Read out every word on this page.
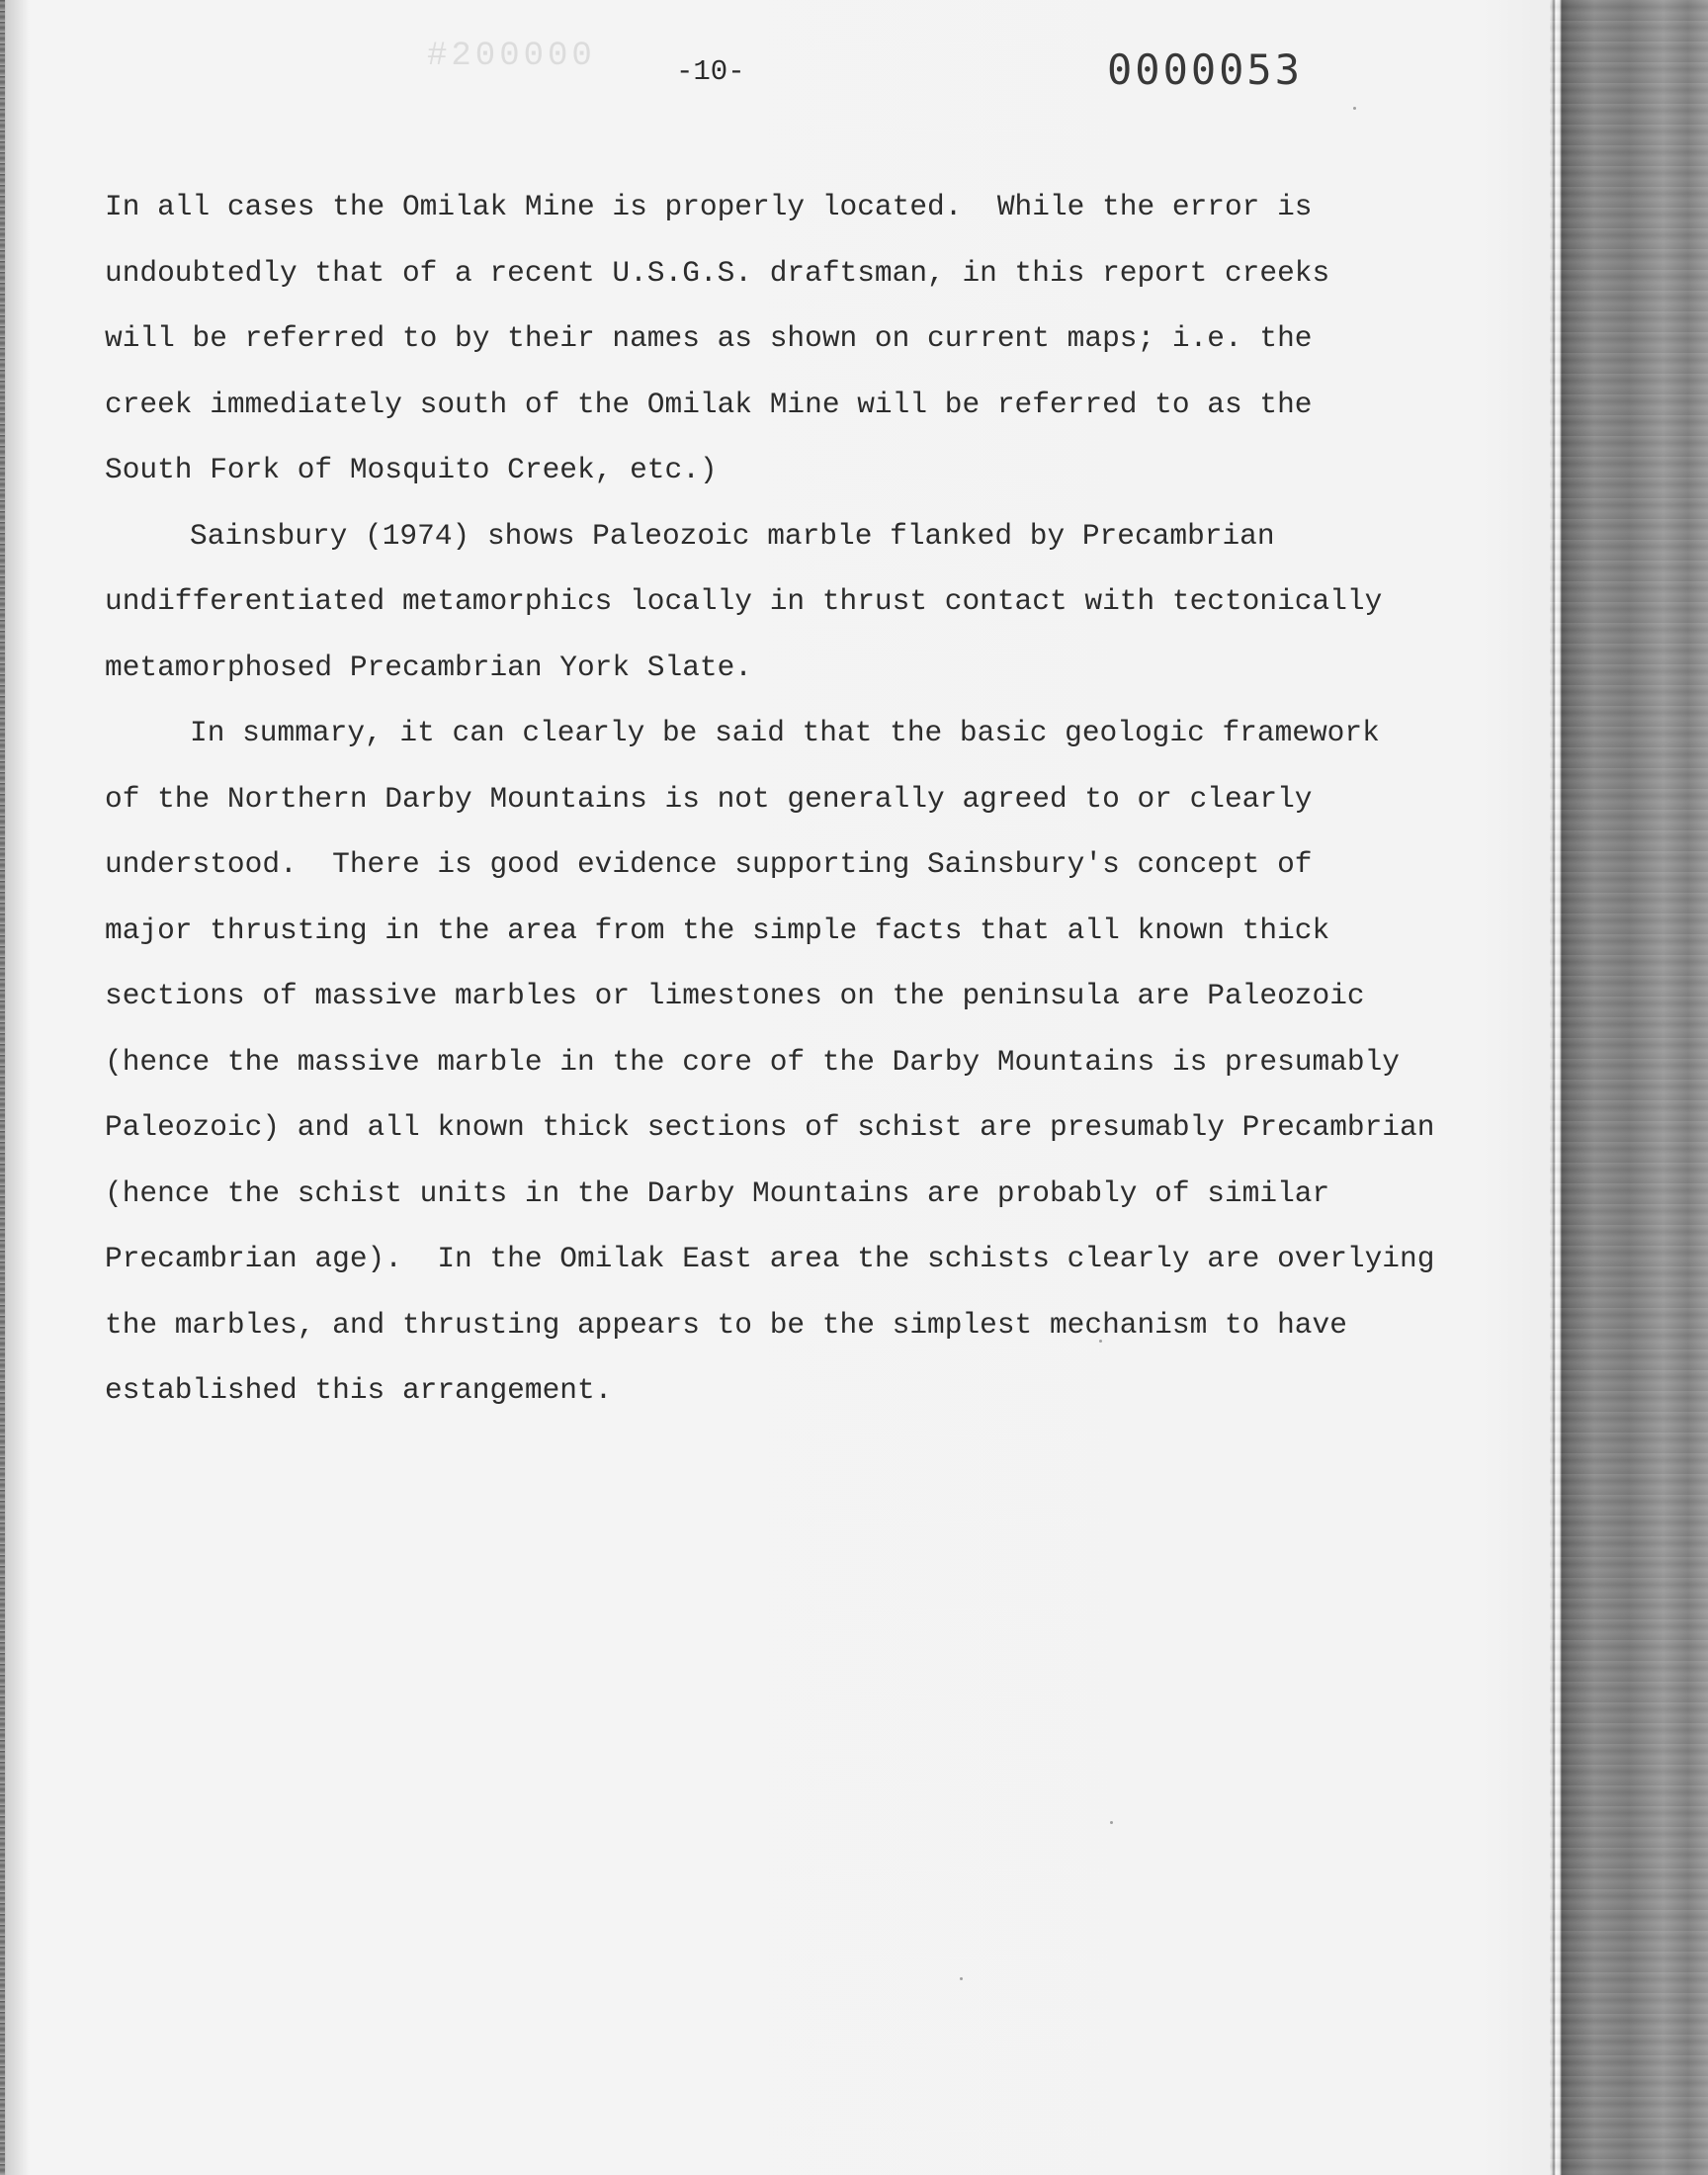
#200000	-10-	0000053
In all cases the Omilak Mine is properly located.  While the error is
undoubtedly that of a recent U.S.G.S. draftsman, in this report creeks
will be referred to by their names as shown on current maps; i.e. the
creek immediately south of the Omilak Mine will be referred to as the
South Fork of Mosquito Creek, etc.)
Sainsbury (1974) shows Paleozoic marble flanked by Precambrian
undifferentiated metamorphics locally in thrust contact with tectonically
metamorphosed Precambrian York Slate.
In summary, it can clearly be said that the basic geologic framework
of the Northern Darby Mountains is not generally agreed to or clearly
understood.  There is good evidence supporting Sainsbury's concept of
major thrusting in the area from the simple facts that all known thick
sections of massive marbles or limestones on the peninsula are Paleozoic
(hence the massive marble in the core of the Darby Mountains is presumably
Paleozoic) and all known thick sections of schist are presumably Precambrian
(hence the schist units in the Darby Mountains are probably of similar
Precambrian age).  In the Omilak East area the schists clearly are overlying
the marbles, and thrusting appears to be the simplest mechanism to have
established this arrangement.
